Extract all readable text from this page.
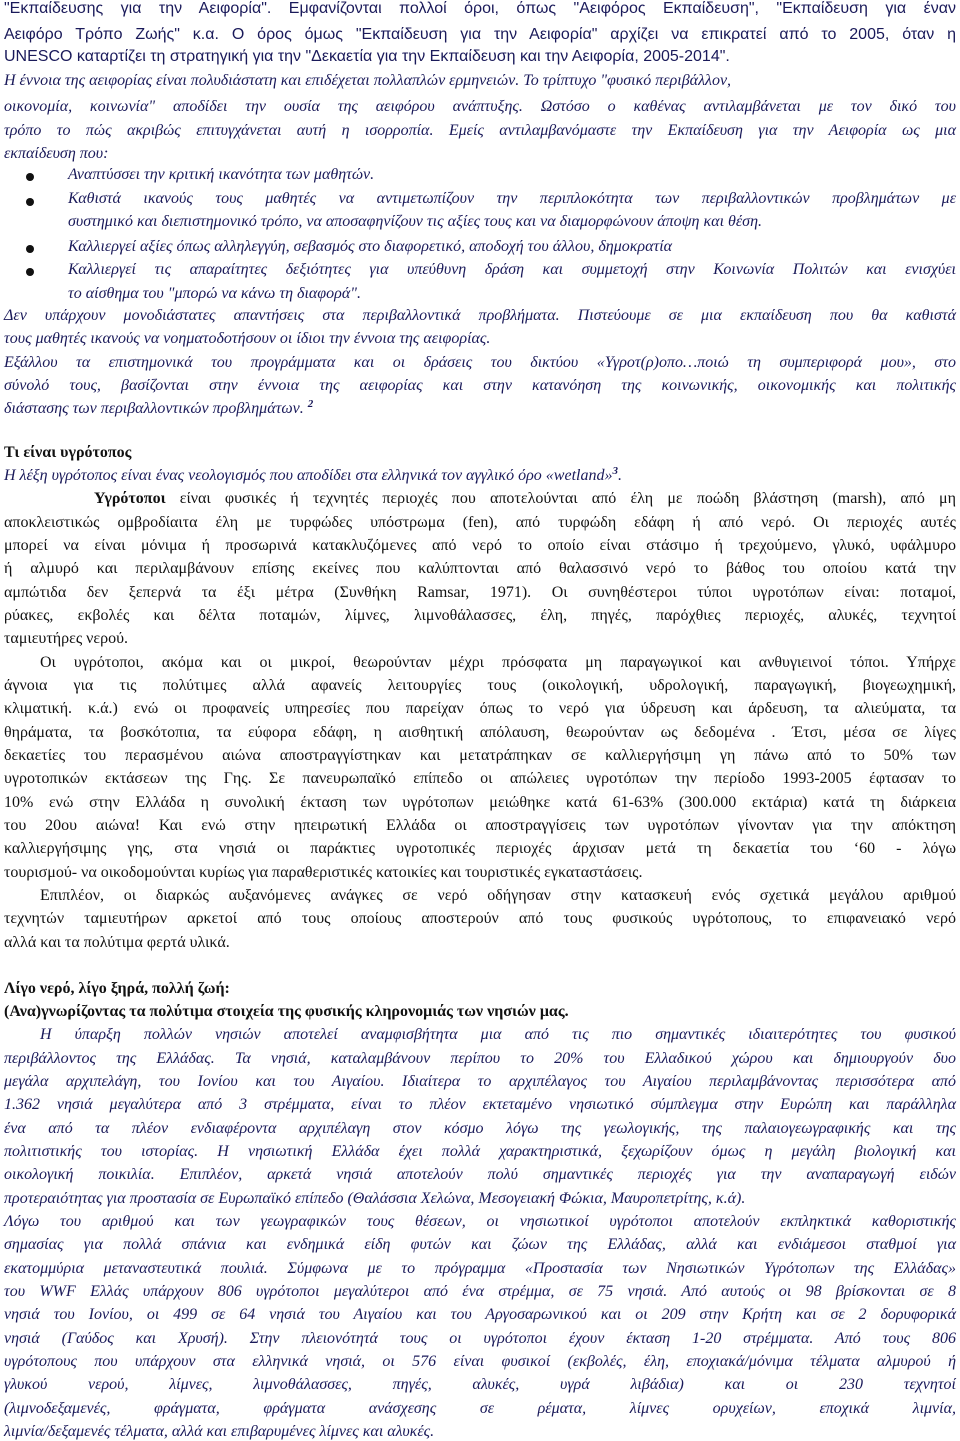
"Εκπαίδευσης για την Αειφορία". Εμφανίζονται πολλοί όροι, όπως "Αειφόρος Εκπαίδευση", "Εκπαίδευση για έναν

Αειφόρο Τρόπο Ζωής" κ.α. Ο όρος όμως "Εκπαίδευση για την Αειφορία" αρχίζει να επικρατεί από το 2005, όταν η

UNESCO καταρτίζει τη στρατηγική για την "Δεκαετία για την Εκπαίδευση και την Αειφορία, 2005-2014".

Η έννοια της αειφορίας είναι πολυδιάστατη και επιδέχεται πολλαπλών ερμηνειών. Το τρίπτυχο "φυσικό περιβάλλον,

οικονομία, κοινωνία" αποδίδει την ουσία της αειφόρου ανάπτυξης. Ωστόσο ο καθένας αντιλαμβάνεται με τον δικό του

τρόπο το πώς ακριβώς επιτυγχάνεται αυτή η ισορροπία. Εμείς αντιλαμβανόμαστε την Εκπαίδευση για την Αειφορία ως μια

εκπαίδευση που:

Αναπτύσσει την κριτική ικανότητα των μαθητών.

Καθιστά ικανούς τους μαθητές να αντιμετωπίζουν την περιπλοκότητα των περιβαλλοντικών προβλημάτων με

συστημικό και διεπιστημονικό τρόπο, να αποσαφηνίζουν τις αξίες τους και να διαμορφώνουν άποψη και θέση.

Καλλιεργεί αξίες όπως αλληλεγγύη, σεβασμός στο διαφορετικό, αποδοχή του άλλου, δημοκρατία

Καλλιεργεί τις απαραίτητες δεξιότητες για υπεύθυνη δράση και συμμετοχή στην Κοινωνία Πολιτών και ενισχύει

το αίσθημα του "μπορώ να κάνω τη διαφορά".

Δεν υπάρχουν μονοδιάστατες απαντήσεις στα περιβαλλοντικά προβλήματα. Πιστεύουμε σε μια εκπαίδευση που θα καθιστά

τους μαθητές ικανούς να νοηματοδοτήσουν οι ίδιοι την έννοια της αειφορίας.

Εξάλλου τα επιστημονικά του προγράμματα και οι δράσεις του δικτύου «Υγροτ(ρ)οπο…ποιώ τη συμπεριφορά μου», στο

σύνολό τους, βασίζονται στην έννοια της αειφορίας και στην κατανόηση της κοινωνικής, οικονομικής και πολιτικής

διάστασης των περιβαλλοντικών προβλημάτων. $^2$

Τι είναι υγρότοπος

Η λέξη υγρότοπος είναι ένας νεολογισμός που αποδίδει στα ελληνικά τον αγγλικό όρο «wetland»$^3$.

Υγρότοποι είναι φυσικές ή τεχνητές περιοχές που αποτελούνται από έλη με ποώδη βλάστηση (marsh), από μη

αποκλειστικώς ομβροδίαιτα έλη με τυρφώδες υπόστρωμα (fen), από τυρφώδη εδάφη ή από νερό. Οι περιοχές αυτές

μπορεί να είναι μόνιμα ή προσωρινά κατακλυζόμενες από νερό το οποίο είναι στάσιμο ή τρεχούμενο, γλυκό, υφάλμυρο

ή αλμυρό και περιλαμβάνουν επίσης εκείνες που καλύπτονται από θαλασσινό νερό το βάθος του οποίου κατά την

αμπώτιδα δεν ξεπερνά τα έξι μέτρα (Συνθήκη Ramsar, 1971). Οι συνηθέστεροι τύποι υγροτόπων είναι: ποταμοί,

ρύακες, εκβολές και δέλτα ποταμών, λίμνες, λιμνοθάλασσες, έλη, πηγές, παρόχθιες περιοχές, αλυκές, τεχνητοί

ταμιευτήρες νερού.

Οι υγρότοποι, ακόμα και οι μικροί, θεωρούνταν μέχρι πρόσφατα μη παραγωγικοί και ανθυγιεινοί τόποι. Υπήρχε

άγνοια για τις πολύτιμες αλλά αφανείς λειτουργίες τους (οικολογική, υδρολογική, παραγωγική, βιογεωχημική,

κλιματική. κ.ά.) ενώ οι προφανείς υπηρεσίες που παρείχαν όπως το νερό για ύδρευση και άρδευση, τα αλιεύματα, τα

θηράματα, τα βοσκότοπια, τα εύφορα εδάφη, η αισθητική απόλαυση, θεωρούνταν ως δεδομένα . Έτσι, μέσα σε λίγες

δεκαετίες του περασμένου αιώνα αποστραγγίστηκαν και μετατράπηκαν σε καλλιεργήσιμη γη πάνω από το 50% των

υγροτοπικών εκτάσεων της Γης. Σε πανευρωπαϊκό επίπεδο οι απώλειες υγροτόπων την περίοδο 1993-2005 έφτασαν το

10% ενώ στην Ελλάδα η συνολική έκταση των υγρότοπων μειώθηκε κατά 61-63% (300.000 εκτάρια) κατά τη διάρκεια

του 20ου αιώνα! Και ενώ στην ηπειρωτική Ελλάδα οι αποστραγγίσεις των υγροτόπων γίνονταν για την απόκτηση

καλλιεργήσιμης γης, στα νησιά οι παράκτιες υγροτοπικές περιοχές άρχισαν μετά τη δεκαετία του ‘60 - λόγω

τουρισμού- να οικοδομούνται κυρίως για παραθεριστικές κατοικίες και τουριστικές εγκαταστάσεις.

Επιπλέον, οι διαρκώς αυξανόμενες ανάγκες σε νερό οδήγησαν στην κατασκευή ενός σχετικά μεγάλου αριθμού

τεχνητών ταμιευτήρων αρκετοί από τους οποίους αποστερούν από τους φυσικούς υγρότοπους, το επιφανειακό νερό

αλλά και τα πολύτιμα φερτά υλικά.

Λίγο νερό, λίγο ξηρά, πολλή ζωή:

(Ανα)γνωρίζοντας τα πολύτιμα στοιχεία της φυσικής κληρονομιάς των νησιών μας.

Η ύπαρξη πολλών νησιών αποτελεί αναμφισβήτητα μια από τις πιο σημαντικές ιδιαιτερότητες του φυσικού

περιβάλλοντος της Ελλάδας. Τα νησιά, καταλαμβάνουν περίπου το 20% του Ελλαδικού χώρου και δημιουργούν δυο

μεγάλα αρχιπελάγη, του Ιονίου και του Αιγαίου. Ιδιαίτερα το αρχιπέλαγος του Αιγαίου περιλαμβάνοντας περισσότερα από

1.362 νησιά μεγαλύτερα από 3 στρέμματα, είναι το πλέον εκτεταμένο νησιωτικό σύμπλεγμα στην Ευρώπη και παράλληλα

ένα από τα πλέον ενδιαφέροντα αρχιπέλαγη στον κόσμο λόγω της γεωλογικής, της παλαιογεωγραφικής και της

πολιτιστικής του ιστορίας. Η νησιωτική Ελλάδα έχει πολλά χαρακτηριστικά, ξεχωρίζουν όμως η μεγάλη βιολογική και

οικολογική ποικιλία. Επιπλέον, αρκετά νησιά αποτελούν πολύ σημαντικές περιοχές για την αναπαραγωγή ειδών

προτεραιότητας για προστασία σε Ευρωπαϊκό επίπεδο (Θαλάσσια Χελώνα, Μεσογειακή Φώκια, Μαυροπετρίτης, κ.ά).

Λόγω του αριθμού και των γεωγραφικών τους θέσεων, οι νησιωτικοί υγρότοποι αποτελούν εκπληκτικά καθοριστικής

σημασίας για πολλά σπάνια και ενδημικά είδη φυτών και ζώων της Ελλάδας, αλλά και ενδιάμεσοι σταθμοί για

εκατομμύρια μεταναστευτικά πουλιά. Σύμφωνα με το πρόγραμμα «Προστασία των Νησιωτικών Υγρότοπων της Ελλάδας»

του WWF Ελλάς υπάρχουν 806 υγρότοποι μεγαλύτεροι από ένα στρέμμα, σε 75 νησιά. Από αυτούς οι 98 βρίσκονται σε 8

νησιά του Ιονίου, οι 499 σε 64 νησιά του Αιγαίου και του Αργοσαρωνικού και οι 209 στην Κρήτη και σε 2 δορυφορικά

νησιά (Γαύδος και Χρυσή). Στην πλειονότητά τους οι υγρότοποι έχουν έκταση 1-20 στρέμματα. Από τους 806

υγρότοπους που υπάρχουν στα ελληνικά νησιά, οι 576 είναι φυσικοί (εκβολές, έλη, εποχιακά/μόνιμα τέλματα αλμυρού ή

γλυκού νερού, λίμνες, λιμνοθάλασσες, πηγές, αλυκές, υγρά λιβάδια) και οι 230 τεχνητοί

(λιμνοδεξαμενές, φράγματα, φράγματα ανάσχεσης σε ρέματα, λίμνες ορυχείων, εποχικά λιμνία,

λιμνία/δεξαμενές τέλματα, αλλά και επιβαρυμένες λίμνες και αλυκές.
